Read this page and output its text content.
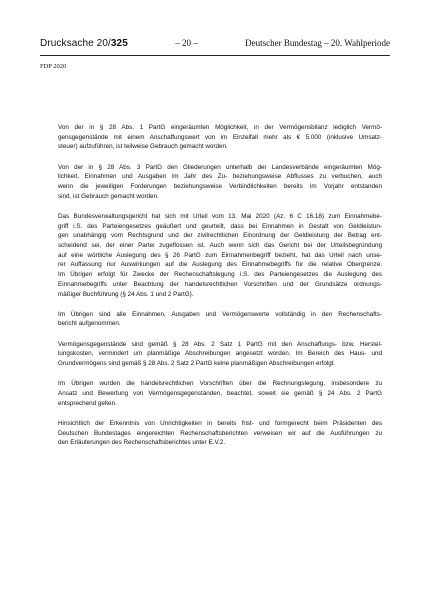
Drucksache 20/325	– 20 –	Deutscher Bundestag – 20. Wahlperiode
FDP 2020

Von der in § 28 Abs. 1 PartG eingeräumten Möglichkeit, in der Vermögensbilanz lediglich Vermö-
gensgegenstände mit einem Anschaffungswert von im Einzelfall mehr als € 5.000 (inklusive Umsatz-
steuer) aufzuführen, ist teilweise Gebrauch gemacht worden.

Von der in § 28 Abs. 3 PartG den Gliederungen unterhalb der Landesverbände eingeräumten Mög-
lichkeit, Einnahmen und Ausgaben im Jahr des Zu- beziehungsweise Abflusses zu verbuchen, auch
wenn die jeweiligen Forderungen beziehungsweise Verbindlichkeiten bereits im Vorjahr entstanden
sind, ist Gebrauch gemacht worden.

Das Bundesverwaltungsgericht hat sich mit Urteil vom 13. Mai 2020 (Az. 6 C 16.18) zum Einnahmebe-
griff i.S. des Parteiengesetzes geäußert und geurteilt, dass bei Einnahmen in Gestalt von Geldleistun-
gen unabhängig vom Rechtsgrund und der zivilrechtlichen Einordnung der Geldleistung der Betrag ent-
scheidend sei, der einer Partei zugeflossen ist. Auch wenn sich das Gericht bei der Urteilsbegründung
auf eine wörtliche Auslegung des § 26 PartG zum Einnahmenbegriff bezieht, hat das Urteil nach unse-
rer Auffassung nur Auswirkungen auf die Auslegung des Einnahmebegriffs für die relative Obergrenze.
Im Übrigen erfolgt für Zwecke der Rechenschaftslegung i.S. des Parteiengesetzes die Auslegung des
Einnahmebegriffs unter Beachtung der handelsrechtlichen Vorschriften und der Grundsätze ordnungs-
mäßiger Buchführung (§ 24 Abs. 1 und 2 PartG).

Im Übrigen sind alle Einnahmen, Ausgaben und Vermögenswerte vollständig in den Rechenschafts-
bericht aufgenommen.

Vermögensgegenstände sind gemäß § 28 Abs. 2 Satz 1 PartG mit den Anschaffungs- bzw. Herstel-
lungskosten, vermindert um planmäßige Abschreibungen angesetzt worden. Im Bereich des Haus- und
Grundvermögens sind gemäß § 28 Abs. 2 Satz 2 PartG keine planmäßigen Abschreibungen erfolgt.

Im Übrigen wurden die handelsrechtlichen Vorschriften über die Rechnungslegung, insbesondere zu
Ansatz und Bewertung von Vermögensgegenständen, beachtet, soweit sie gemäß § 24 Abs. 2 PartG
entsprechend gelten.

Hinsichtlich der Erkenntnis von Unrichtigkeiten in bereits frist- und formgerecht beim Präsidenten des
Deutschen Bundestages eingereichten Rechenschaftsberichten verweisen wir auf die Ausführungen zu
den Erläuterungen des Rechenschaftsberichtes unter E.V.2.
